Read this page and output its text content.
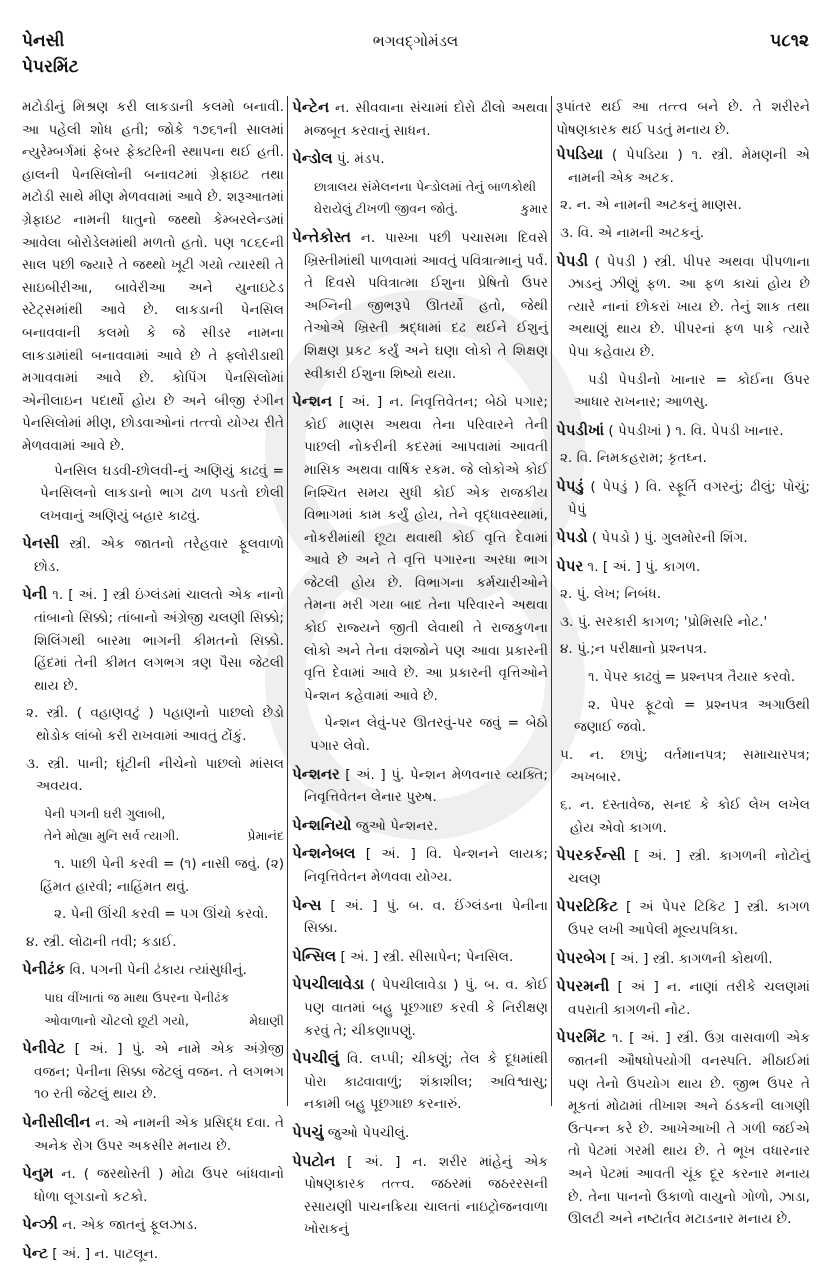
પેનસી
પેપરમિંટ
ભગવદ્ગોમંડલ	૫૮૧૨

મટોડીનું મિશ્રણ કરી લાકડાની કલમો બનાવી. આ પહેલી શોધ હતી; જોકે ૧૭૬૧ની સાલમાં ન્યુરેમ્બર્ગમાં ફેબર ફેક્ટરિની સ્થાપના થઈ હતી. હાલની પેનસિલોની બનાવટમાં ગ્રેફાઇટ તથા મટોડી સાથે મીણ મેળવવામાં આવે છે. શરૂઆતમાં ગ્રેફાઇટ નામની ધાતુનો જથ્થો કેમ્બરલેન્ડમાં આવેલા બોરોડેલમાંથી મળતો હતો. પણ ૧૮૬૯ની સાલ પછી જ્યારે તે જથ્થો ખૂટી ગયો ત્યારથી તે સાઇબીરીઆ, બાવેરીઆ અને યુનાઇટેડ સ્ટેટ્સમાંથી આવે છે. લાકડાની પેનસિલ બનાવવાની કલમો કે જે સીડર નામના લાકડામાંથી બનાવવામાં આવે છે તે ફ્લોરીડાથી મગાવવામાં આવે છે. કોપિંગ પેનસિલોમાં એનીલાઇન પદાર્થો હોય છે અને બીજી રંગીન પેનસિલોમાં મીણ, છોડવાઓનાં તત્ત્વો યોગ્ય રીતે મેળવવામાં આવે છે.

પેનસિલ ઘડવી-છોલવી-નું અણિયું કાઢવું = પેનસિલનો લાકડાનો ભાગ ઢાળ પડતો છોલી લખવાનું અણિયું બહાર કાઢવું.

પેનસી સ્ત્રી. એક જાતનો તરેહવાર ફૂલવાળો છોડ.

પેની ૧. [ અં. ] સ્ત્રી ઇંગ્લંડમાં ચાલતો એક નાનો તાંબાનો સિક્કો; તાંબાનો અંગ્રેજી ચલણી સિક્કો; શિલિંગથી બારમા ભાગની કીમતનો સિક્કો. હિંદમાં તેની કીમત લગભગ ત્રણ પૈસા જેટલી થાય છે.

૨. સ્ત્રી. ( વહાણવટું ) પહાણનો પાછલો છેડો થોડોક લાંબો કરી રાખવામાં આવતું ટોંકું.

૩. સ્ત્રી. પાની; ઘૂંટીની નીચેનો પાછલો માંસલ અવયવ.

પેની પગની ઘરી ગુલાબી,
પ્રેમાનંદ
તેને મોહ્યા મુનિ સર્વ ત્યાગી.

૧. પાછી પેની કરવી = (૧) નાસી જવું. (૨) હિંમત હારવી; નાહિંમત થવું.

૨. પેની ઊંચી કરવી = પગ ઊંચો કરવો.

૪. સ્ત્રી. લોઢાની તવી; કડાઈ.

પેનીઢંક વિ. પગની પેની ઢંકાય ત્યાંસુધીનું.

પાઘ વીંખાતાં જ માથા ઉપરના પેનીઢંક
મેઘાણી
ઓવાળાનો ચોટલો છૂટી ગયો,

પેનીવેટ [ અં. ] પું. એ નામે એક અંગ્રેજી વજન; પેનીના સિક્કા જેટલું વજન. તે લગભગ ૧૦ રતી જેટલું થાય છે.

પેનીસીલીન ન. એ નામની એક પ્રસિદ્ધ દવા. તે અનેક રોગ ઉપર અકસીર મનાય છે.

પેનુમ ન. ( જરથોસ્તી ) મોઢા ઉપર બાંધવાનો ધોળા લૂગડાનો કટકો.

પેન્ઝી ન. એક જાતનું ફૂલઝાડ.

પેન્ટ [ અં. ] ન. પાટલૂન.

પેન્ટેન ન. સીવવાના સંચામાં દોરો ઢીલો અથવા મજબૂત કરવાનું સાધન.

પેન્ડોલ પું. મંડપ.

છાત્રાલય સંમેલનના પેન્ડોલમાં તેનું બાળકોથી
કુમાર
ઘેરાયેલું ટીખળી જીવન જોતું.

પેન્તેકોસ્ત ન. પાસ્ખા પછી પચાસમા દિવસે ખ્રિસ્તીમાંથી પાળવામાં આવતું પવિત્રાત્માનું પર્વ. તે દિવસે પવિત્રાત્મા ઈશુના પ્રેષિતો ઉપર અગ્નિની જીભરૂપે ઊતર્યો હતો, જેથી તેઓએ ખ્રિસ્તી શ્રદ્ધામાં દઢ થઈને ઈશુનું શિક્ષણ પ્રકટ કર્યું અને ઘણા લોકો તે શિક્ષણ સ્વીકારી ઈશુના શિષ્યો થયા.

પેન્શન [ અં. ] ન. નિવૃત્તિવેતન; બેઠો પગાર; કોઈ માણસ અથવા તેના પરિવારને તેની પાછલી નોકરીની કદરમાં આપવામાં આવતી માસિક અથવા વાર્ષિક રકમ. જે લોકોએ કોઈ નિશ્ચિત સમય સુધી કોઈ એક રાજકીય વિભાગમાં કામ કર્યું હોય, તેને વૃદ્ધાવસ્થામાં, નોકરીમાંથી છૂટા થવાથી કોઈ વૃત્તિ દેવામાં આવે છે અને તે વૃત્તિ પગારના અરધા ભાગ જેટલી હોય છે. વિભાગના કર્મચારીઓને તેમના મરી ગયા બાદ તેના પરિવારને અથવા કોઈ રાજ્યને જીતી લેવાથી તે રાજકુળના લોકો અને તેના વંશજોને પણ આવા પ્રકારની વૃત્તિ દેવામાં આવે છે. આ પ્રકારની વૃત્તિઓને પેન્શન કહેવામાં આવે છે.

પેન્શન લેવું-પર ઊતરવું-પર જવું = બેઠો પગાર લેવો.

પેન્શનર [ અં. ] પું. પેન્શન મેળવનાર વ્યક્તિ; નિવૃત્તિવેતન લેનાર પુરુષ.

પેન્શનિયો જુઓ પેન્શનર.

પેન્શનેબલ [ અં. ] વિ. પેન્શનને લાયક; નિવૃત્તિવેતન મેળવવા યોગ્ય.

પેન્સ [ અં. ] પું. બ. વ. ઈંગ્લંડના પેનીના સિક્કા.

પેન્સિલ [ અં. ] સ્ત્રી. સીસાપેન; પેનસિલ.

પેપચીલાવેડા ( પેપચીલાવેડા ) પું. બ. વ. કોઈ પણ વાતમાં બહુ પૂછગાછ કરવી કે નિરીક્ષણ કરવું તે; ચીકણાપણું.

પેપચીલું વિ. લપ્પી; ચીકણું; તેલ કે દૂધમાંથી પોરા કાઢવાવાળું; શંકાશીલ; અવિશ્વાસુ; નકામી બહુ પૂછગાછ કરનારું.

પેપચું જુઓ પેપચીલું.

પેપટોન [ અં. ] ન. શરીર માંહેનું એક પોષણકારક તત્ત્વ. જઠરમાં જઠરરસની રસાયણી પાચનક્રિયા ચાલતાં નાઇટ્રોજનવાળા ખોરાકનું

રૂપાંતર થઈ આ તત્ત્વ બને છે. તે શરીરને પોષણકારક થઈ પડતું મનાય છે.

પેપડિયા ( પેપડિયા ) ૧. સ્ત્રી. મેમણની એ નામની એક અટક.

૨. ન. એ નામની અટકનું માણસ.

૩. વિ. એ નામની અટકનું.

પેપડી ( પેપડી ) સ્ત્રી. પીપર અથવા પીપળાના ઝાડનું ઝીણું ફળ. આ ફળ કાચાં હોય છે ત્યારે નાનાં છોકરાં ખાય છે. તેનું શાક તથા અથાણું થાય છે. પીપરનાં ફળ પાકે ત્યારે પેપા કહેવાય છે.

પડી પેપડીનો ખાનાર = કોઈના ઉપર આધાર રાખનાર; આળસુ.

પેપડીખાં ( પેપડીખાં ) ૧. વિ. પેપડી ખાનાર.

૨. વિ. નિમકહરામ; કૃતઘ્ન.

પેપડું ( પેપડું ) વિ. સ્ફૂર્તિ વગરનું; ઢીલું; પોચું; પેપું

પેપડો ( પેપડો ) પું. ગુલમોરની શિંગ.

પેપર ૧. [ અં. ] પું. કાગળ.

૨. પું. લેખ; નિબંધ.

૩. પું. સરકારી કાગળ; 'પ્રોમિસરિ નોટ.'

૪. પું.;ન પરીક્ષાનો પ્રશ્નપત્ર.

૧. પેપર કાઢવું = પ્રશ્નપત્ર તૈયાર કરવો.

૨. પેપર ફૂટવો = પ્રશ્નપત્ર અગાઉથી જણાઈ જવો.

૫. ન. છાપું; વર્તમાનપત્ર; સમાચારપત્ર; અખબાર.

૬. ન. દસ્તાવેજ, સનદ કે કોઈ લેખ લખેલ હોય એવો કાગળ.

પેપરકર્રન્સી [ અં. ] સ્ત્રી. કાગળની નોટોનું ચલણ

પેપરટિકિટ [ અં પેપર ટિકિટ ] સ્ત્રી. કાગળ ઉપર લખી આપેલી મૂલ્યપત્રિકા.

પેપરબેગ [ અં. ] સ્ત્રી. કાગળની કોથળી.

પેપરમની [ અં ] ન. નાણાં તરીકે ચલણમાં વપરાતી કાગળની નોટ.

પેપરમિંટ ૧. [ અં. ] સ્ત્રી. ઉગ્ર વાસવાળી એક જાતની ઔષધોપયોગી વનસ્પતિ. મીઠાઈમાં પણ તેનો ઉપયોગ થાય છે. જીભ ઉપર તે મૂકતાં મોઢામાં તીખાશ અને ઠંડકની લાગણી ઉત્પન્ન કરે છે. આખેઆખી તે ગળી જઈએ તો પેટમાં ગરમી થાય છે. તે ભૂખ વધારનાર અને પેટમાં આવતી ચૂંક દૂર કરનાર મનાય છે. તેના પાનનો ઉકાળો વાયુનો ગોળો, ઝાડા, ઊલટી અને નષ્ટાર્તવ મટાડનાર મનાય છે.
